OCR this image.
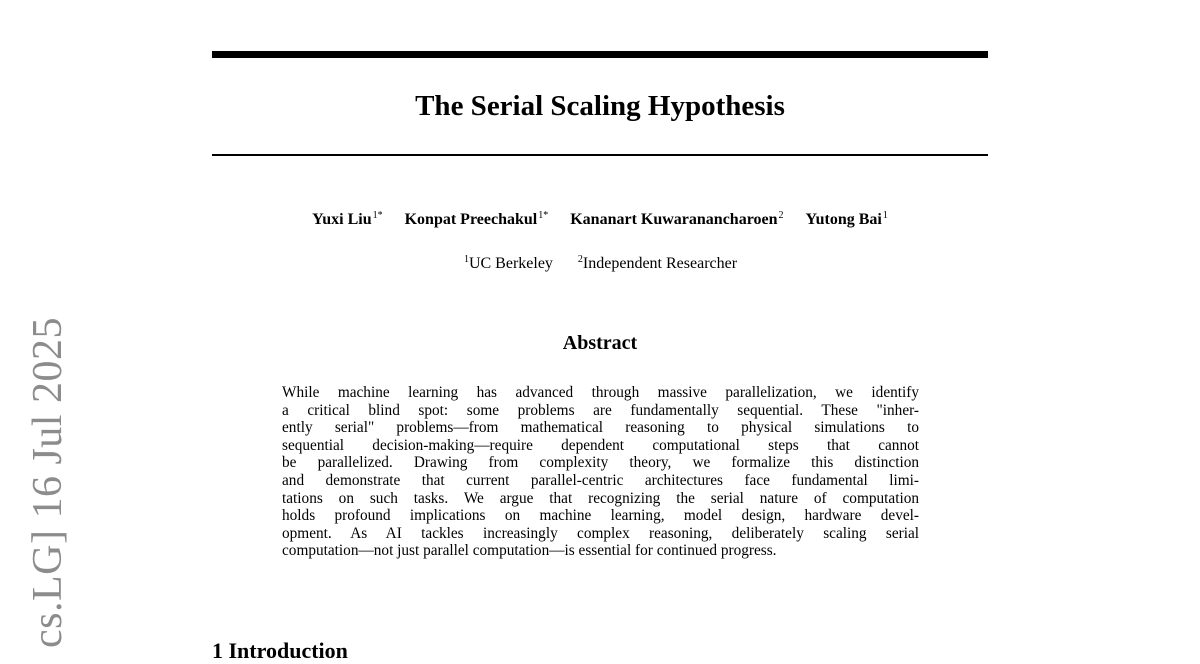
The Serial Scaling Hypothesis
Yuxi Liu$^{1*}$ Konpat Preechakul$^{1*}$ Kananart Kuwaranancharoen$^2$ Yutong Bai$^1$
$^1$UC Berkeley	$^2$Independent Researcher
Abstract
While machine learning has advanced through massive parallelization, we identify
a critical blind spot: some problems are fundamentally sequential. These "inher-
ently serial" problems—from mathematical reasoning to physical simulations to
sequential decision-making—require dependent computational steps that cannot
be parallelized. Drawing from complexity theory, we formalize this distinction
and demonstrate that current parallel-centric architectures face fundamental limi-
tations on such tasks. We argue that recognizing the serial nature of computation
holds profound implications on machine learning, model design, hardware devel-
opment. As AI tackles increasingly complex reasoning, deliberately scaling serial
computation—not just parallel computation—is essential for continued progress.
cs.LG] 16 Jul 2025
1 Introduction
